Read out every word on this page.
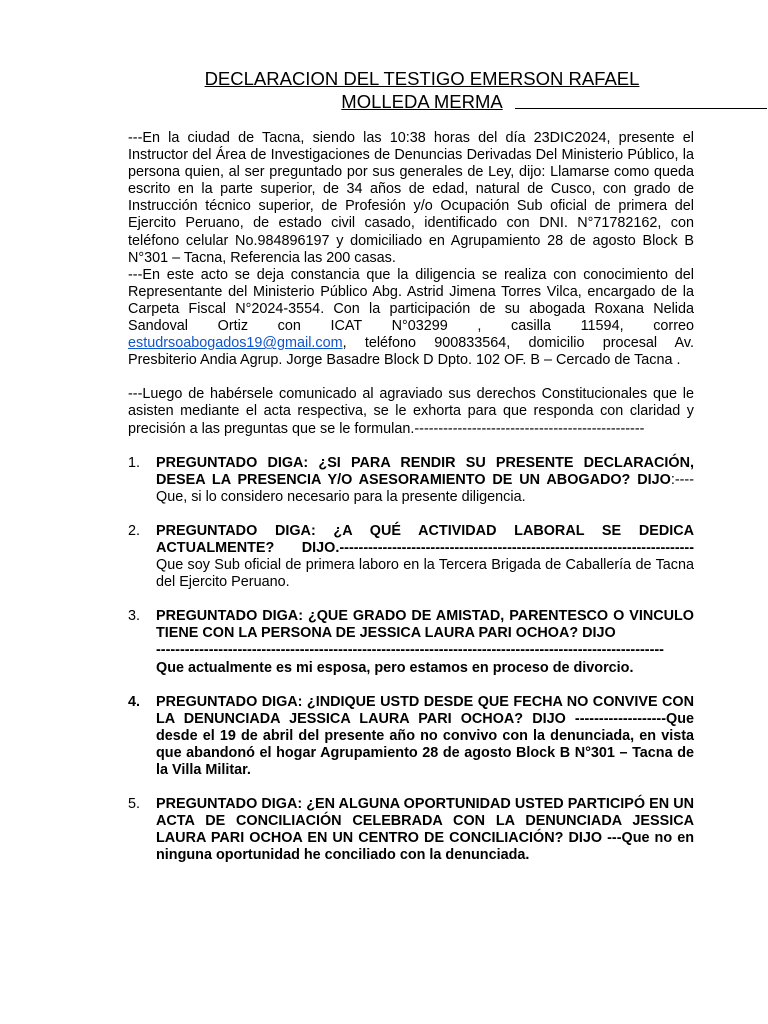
DECLARACION DEL TESTIGO EMERSON RAFAEL
MOLLEDA MERMA

---En la ciudad de Tacna, siendo las 10:38 horas del día 23DIC2024, presente el Instructor del Área de Investigaciones de Denuncias Derivadas Del Ministerio Público, la persona quien, al ser preguntado por sus generales de Ley, dijo: Llamarse como queda escrito en la parte superior, de 34 años de edad, natural de Cusco, con grado de Instrucción técnico superior, de Profesión y/o Ocupación Sub oficial de primera del Ejercito Peruano, de estado civil casado, identificado con DNI. N°71782162, con teléfono celular No.984896197 y domiciliado en Agrupamiento 28 de agosto Block B N°301 – Tacna, Referencia las 200 casas.

---En este acto se deja constancia que la diligencia se realiza con conocimiento del Representante del Ministerio Público Abg. Astrid Jimena Torres Vilca, encargado de la Carpeta Fiscal N°2024-3554. Con la participación de su abogada Roxana Nelida Sandoval Ortiz con ICAT N°03299 , casilla 11594, correo estudrsoabogados19@gmail.com, teléfono 900833564, domicilio procesal Av. Presbiterio Andia Agrup. Jorge Basadre Block D Dpto. 102 OF. B – Cercado de Tacna .

---Luego de habérsele comunicado al agraviado sus derechos Constitucionales que le asisten mediante el acta respectiva, se le exhorta para que responda con claridad y precisión a las preguntas que se le formulan.------------------------------------------------

1. PREGUNTADO DIGA: ¿SI PARA RENDIR SU PRESENTE DECLARACIÓN, DESEA LA PRESENCIA Y/O ASESORAMIENTO DE UN ABOGADO? DIJO:---- Que, si lo considero necesario para la presente diligencia.
2. PREGUNTADO DIGA: ¿A QUÉ ACTIVIDAD LABORAL SE DEDICA ACTUALMENTE? DIJO.-------------------------------------------------------------------------- Que soy Sub oficial de primera laboro en la Tercera Brigada de Caballería de Tacna del Ejercito Peruano.
3. PREGUNTADO DIGA: ¿QUE GRADO DE AMISTAD, PARENTESCO O VINCULO TIENE CON LA PERSONA DE JESSICA LAURA PARI OCHOA? DIJO
----------------------------------------------------------------------------------------------------------
Que actualmente es mi esposa, pero estamos en proceso de divorcio.
4. PREGUNTADO DIGA: ¿INDIQUE USTD DESDE QUE FECHA NO CONVIVE CON LA DENUNCIADA JESSICA LAURA PARI OCHOA? DIJO -------------------Que desde el 19 de abril del presente año no convivo con la denunciada, en vista que abandonó el hogar Agrupamiento 28 de agosto Block B N°301 – Tacna de la Villa Militar.
5. PREGUNTADO DIGA: ¿EN ALGUNA OPORTUNIDAD USTED PARTICIPÓ EN UN ACTA DE CONCILIACIÓN CELEBRADA CON LA DENUNCIADA JESSICA LAURA PARI OCHOA EN UN CENTRO DE CONCILIACIÓN? DIJO ---Que no en ninguna oportunidad he conciliado con la denunciada.
